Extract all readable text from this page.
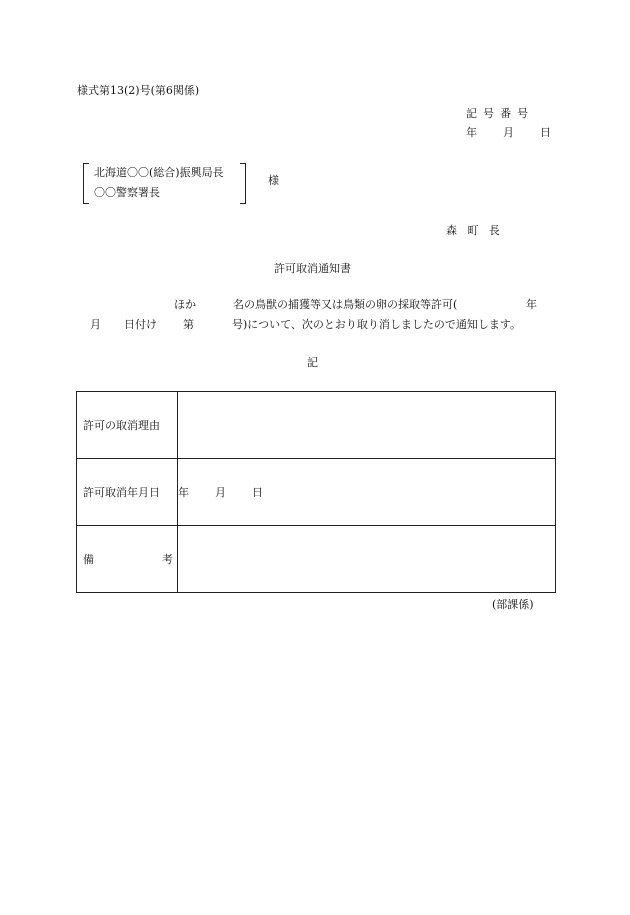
様式第13(2)号(第6関係)
記号番号
年 月 日
北海道〇〇(総合)振興局長
〇〇警察署長
様
森町長
許可取消通知書
ほか	名の鳥獣の捕獲等又は鳥類の卵の採取等許可(	年
月 日付け 第	号)について、次のとおり取り消しましたので通知します。
記
許可の取消理由	
許可取消年月日	年 月 日
備考	
(部課係)
